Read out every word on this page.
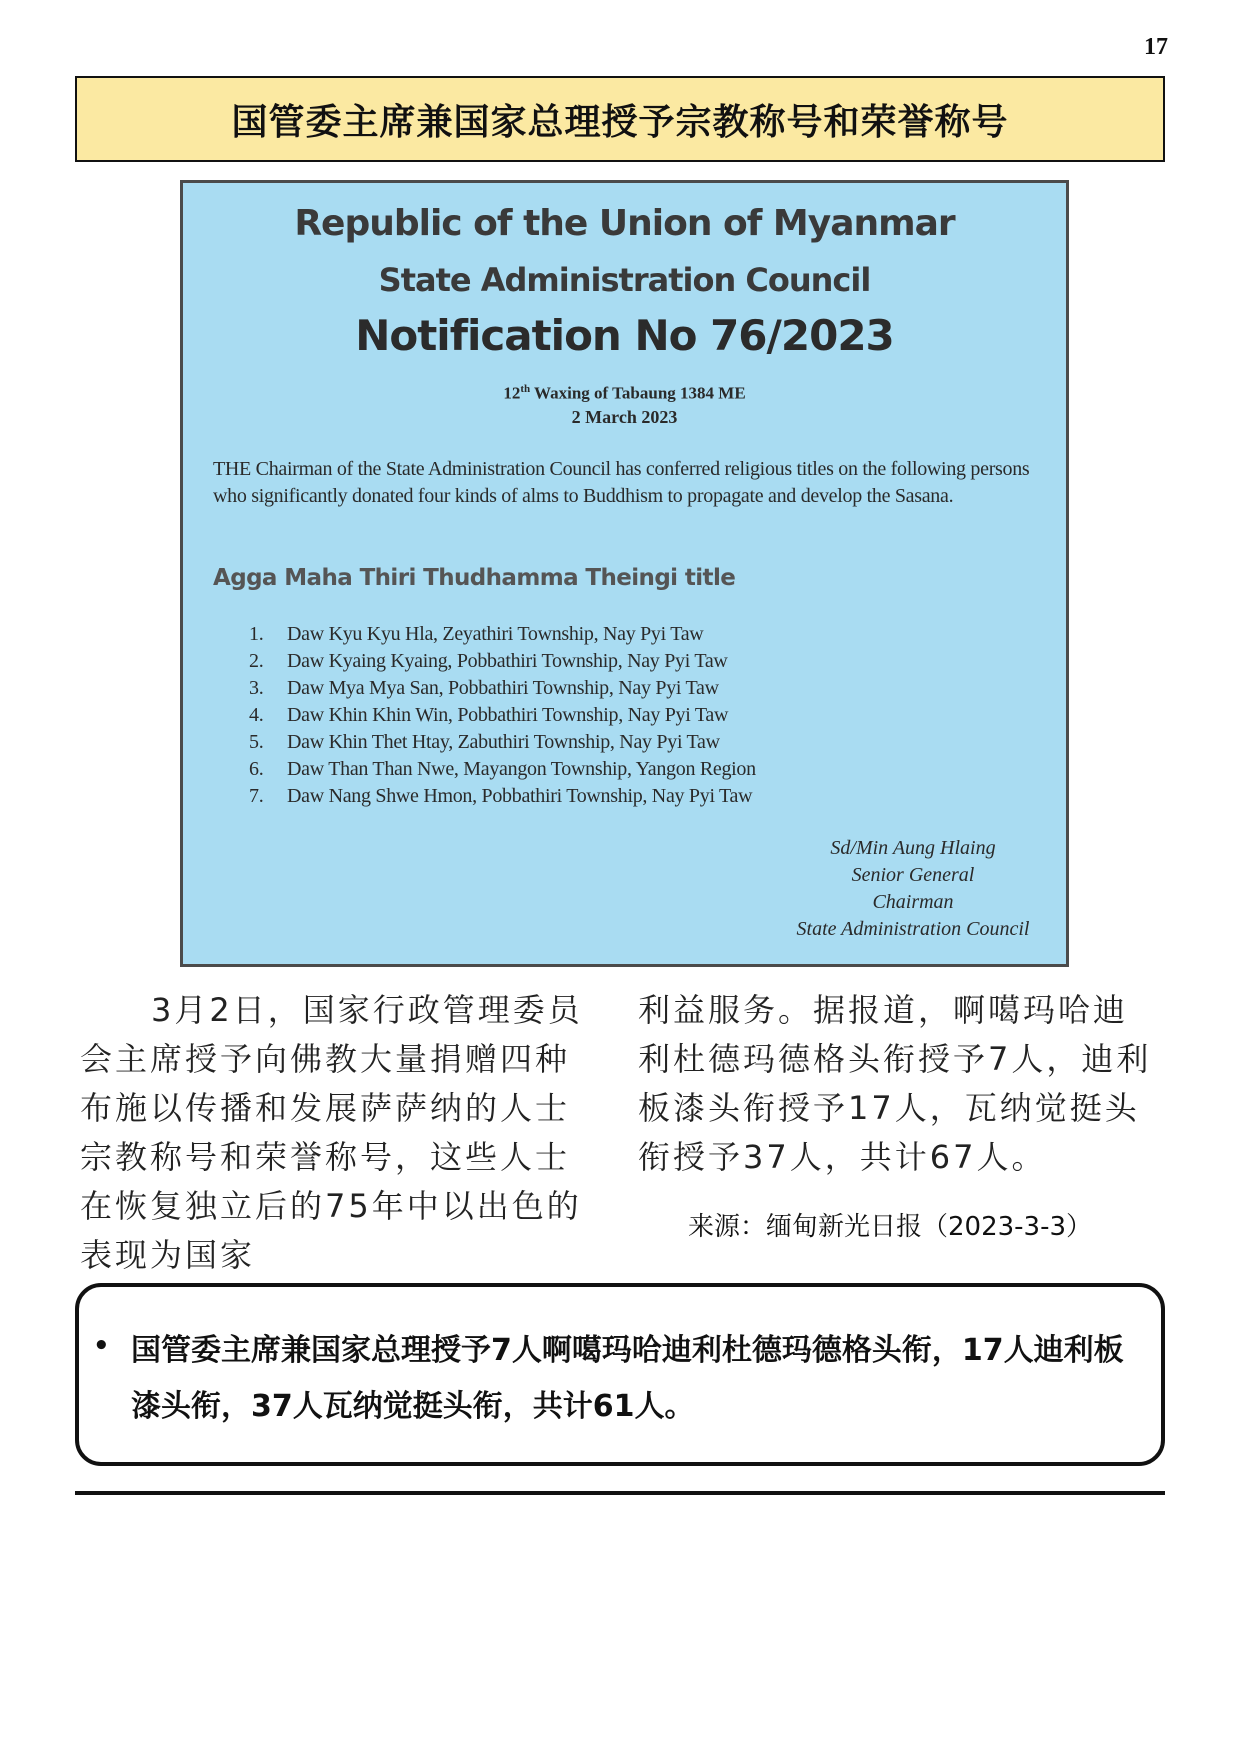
17
国管委主席兼国家总理授予宗教称号和荣誉称号
Republic of the Union of Myanmar
State Administration Council
Notification No 76/2023
12th Waxing of Tabaung 1384 ME
2 March 2023

THE Chairman of the State Administration Council has conferred religious titles on the following persons who significantly donated four kinds of alms to Buddhism to propagate and develop the Sasana.

Agga Maha Thiri Thudhamma Theingi title
1.	Daw Kyu Kyu Hla, Zeyathiri Township, Nay Pyi Taw
2.	Daw Kyaing Kyaing, Pobbathiri Township, Nay Pyi Taw
3.	Daw Mya Mya San, Pobbathiri Township, Nay Pyi Taw
4.	Daw Khin Khin Win, Pobbathiri Township, Nay Pyi Taw
5.	Daw Khin Thet Htay, Zabuthiri Township, Nay Pyi Taw
6.	Daw Than Than Nwe, Mayangon Township, Yangon Region
7.	Daw Nang Shwe Hmon, Pobbathiri Township, Nay Pyi Taw
Sd/Min Aung Hlaing
Senior General
Chairman
State Administration Council

3月2日，国家行政管理委员会主席授予向佛教大量捐赠四种布施以传播和发展萨萨纳的人士宗教称号和荣誉称号，这些人士在恢复独立后的75年中以出色的表现为国家

利益服务。据报道，啊噶玛哈迪利杜德玛德格头衔授予7人，迪利板漆头衔授予17人，瓦纳觉挺头衔授予37人，共计67人。

来源：缅甸新光日报（2023-3-3）
• 国管委主席兼国家总理授予7人啊噶玛哈迪利杜德玛德格头衔，17人迪利板漆头衔，37人瓦纳觉挺头衔，共计61人。
